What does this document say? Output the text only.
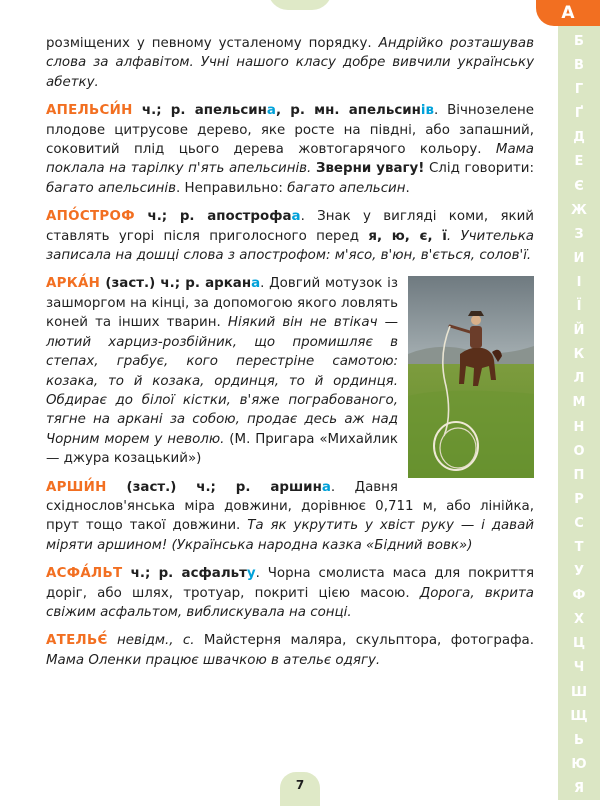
Б
В
Г
Ґ
Д
Е
Є
Ж
З
И
І
Ї
Й
К
Л
М
Н
О
П
Р
С
Т
У
Ф
Х
Ц
Ч
Ш
Щ
Ь
Ю
Я
А

розміщених у певному усталеному порядку. Андрійко розташував слова за алфавітом. Учні нашого класу добре вивчили українську абетку.

АПЕЛЬСИ́Н ч.; р. апельсина, р. мн. апельсинів. Вічнозелене плодове цитрусове дерево, яке росте на півдні, або запашний, соковитий плід цього дерева жовтогарячого кольору. Мама поклала на тарілку п'ять апельсинів. Зверни увагу! Слід говорити: багато апельсинів. Неправильно: багато апельсин.

АПО́СТРОФ ч.; р. апострофаа. Знак у вигляді коми, який ставлять угорі після приголосного перед я, ю, є, ї. Учителька записала на дошці слова з апострофом: м'ясо, в'юн, в'ється, солов'ї.

АРКА́Н (заст.) ч.; р. аркана. Довгий мотузок із зашморгом на кінці, за допомогою якого ловлять коней та інших тварин. Ніякий він не втікач — лютий харциз-розбійник, що промишляє в степах, грабує, кого перестріне самотою: козака, то й козака, ординця, то й ординця. Обдирає до білої кістки, в'яже пограбованого, тягне на аркані за собою, продає десь аж над Чорним морем у неволю. (М. Пригара «Михайлик — джура козацький»)

АРШИ́Н (заст.) ч.; р. аршина. Давня східнослов'янська міра довжини, дорівнює 0,711 м, або лінійка, прут тощо такої довжини. Та як укрутить у хвіст руку — і давай міряти аршином! (Українська народна казка «Бідний вовк»)

АСФА́ЛЬТ ч.; р. асфальту. Чорна смолиста маса для покриття доріг, або шлях, тротуар, покриті цією масою. Дорога, вкрита свіжим асфальтом, виблискувала на сонці.

АТЕЛЬЄ́ невідм., с. Майстерня маляра, скульптора, фотографа. Мама Оленки працює швачкою в ательє одягу.

7
